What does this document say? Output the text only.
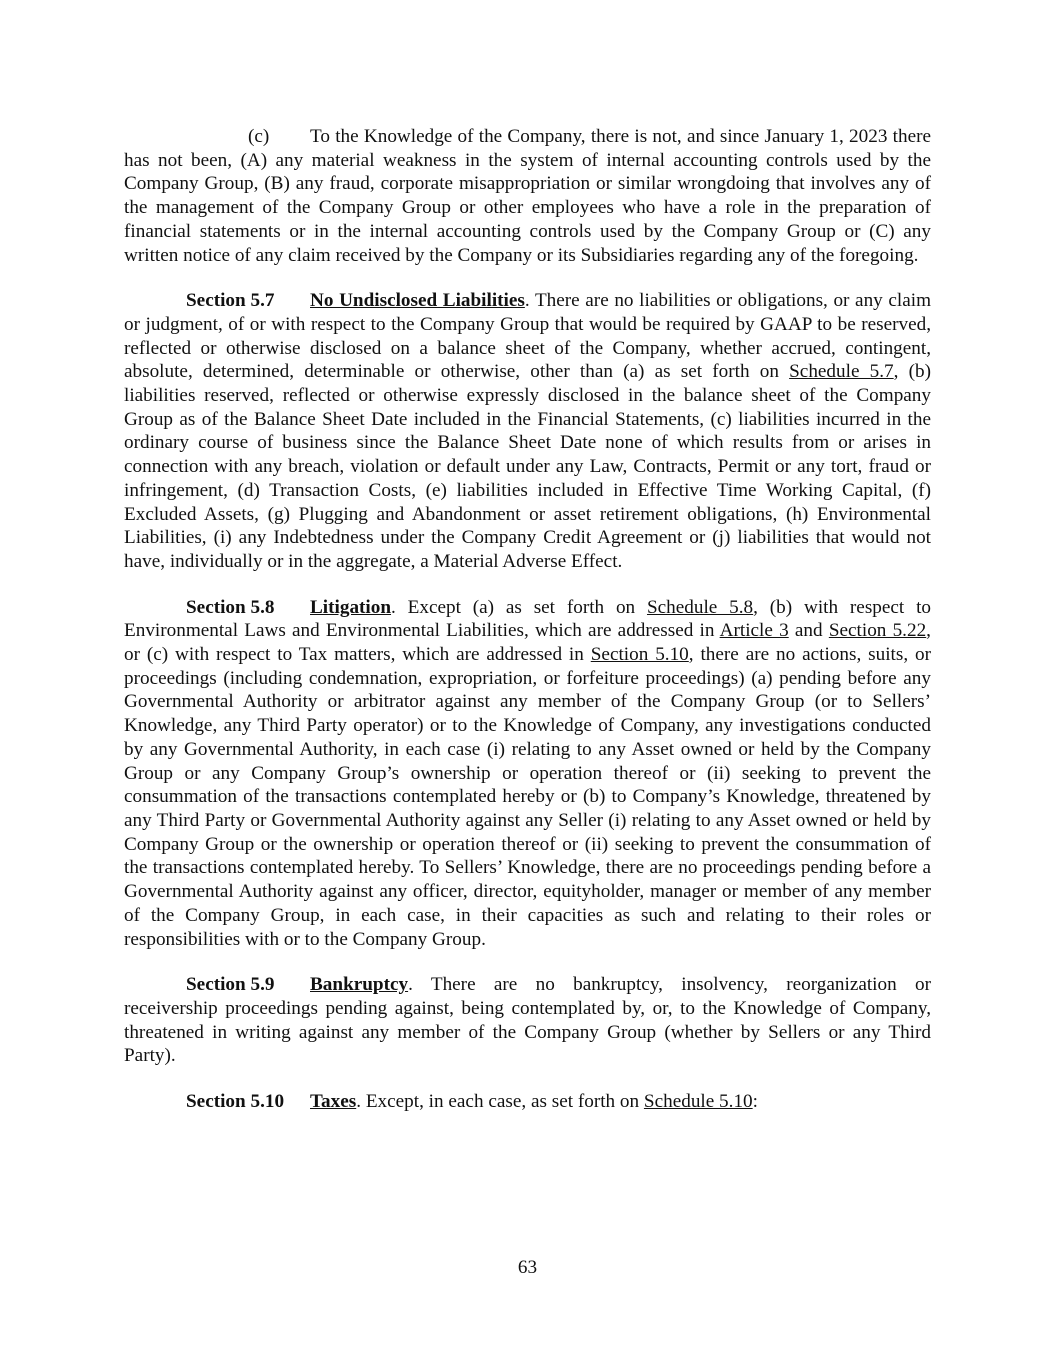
(c) To the Knowledge of the Company, there is not, and since January 1, 2023 there has not been, (A) any material weakness in the system of internal accounting controls used by the Company Group, (B) any fraud, corporate misappropriation or similar wrongdoing that involves any of the management of the Company Group or other employees who have a role in the preparation of financial statements or in the internal accounting controls used by the Company Group or (C) any written notice of any claim received by the Company or its Subsidiaries regarding any of the foregoing.

Section 5.7 No Undisclosed Liabilities. There are no liabilities or obligations, or any claim or judgment, of or with respect to the Company Group that would be required by GAAP to be reserved, reflected or otherwise disclosed on a balance sheet of the Company, whether accrued, contingent, absolute, determined, determinable or otherwise, other than (a) as set forth on Schedule 5.7, (b) liabilities reserved, reflected or otherwise expressly disclosed in the balance sheet of the Company Group as of the Balance Sheet Date included in the Financial Statements, (c) liabilities incurred in the ordinary course of business since the Balance Sheet Date none of which results from or arises in connection with any breach, violation or default under any Law, Contracts, Permit or any tort, fraud or infringement, (d) Transaction Costs, (e) liabilities included in Effective Time Working Capital, (f) Excluded Assets, (g) Plugging and Abandonment or asset retirement obligations, (h) Environmental Liabilities, (i) any Indebtedness under the Company Credit Agreement or (j) liabilities that would not have, individually or in the aggregate, a Material Adverse Effect.

Section 5.8 Litigation. Except (a) as set forth on Schedule 5.8, (b) with respect to Environmental Laws and Environmental Liabilities, which are addressed in Article 3 and Section 5.22, or (c) with respect to Tax matters, which are addressed in Section 5.10, there are no actions, suits, or proceedings (including condemnation, expropriation, or forfeiture proceedings) (a) pending before any Governmental Authority or arbitrator against any member of the Company Group (or to Sellers’ Knowledge, any Third Party operator) or to the Knowledge of Company, any investigations conducted by any Governmental Authority, in each case (i) relating to any Asset owned or held by the Company Group or any Company Group’s ownership or operation thereof or (ii) seeking to prevent the consummation of the transactions contemplated hereby or (b) to Company’s Knowledge, threatened by any Third Party or Governmental Authority against any Seller (i) relating to any Asset owned or held by Company Group or the ownership or operation thereof or (ii) seeking to prevent the consummation of the transactions contemplated hereby. To Sellers’ Knowledge, there are no proceedings pending before a Governmental Authority against any officer, director, equityholder, manager or member of any member of the Company Group, in each case, in their capacities as such and relating to their roles or responsibilities with or to the Company Group.

Section 5.9 Bankruptcy. There are no bankruptcy, insolvency, reorganization or receivership proceedings pending against, being contemplated by, or, to the Knowledge of Company, threatened in writing against any member of the Company Group (whether by Sellers or any Third Party).

Section 5.10 Taxes. Except, in each case, as set forth on Schedule 5.10:

63
